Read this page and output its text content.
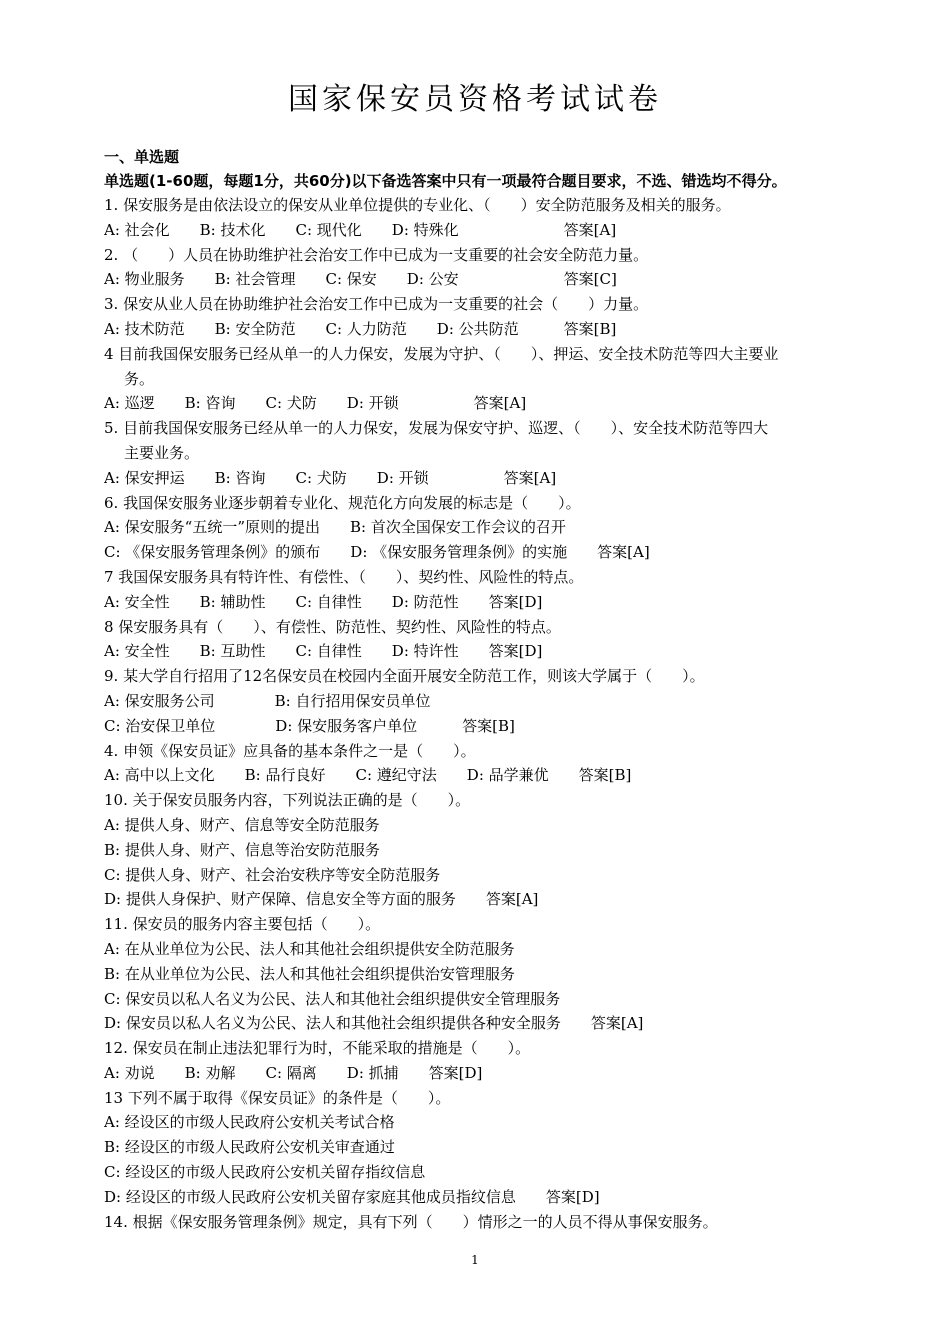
国家保安员资格考试试卷
一、单选题
单选题(1-60题，每题1分，共60分)以下备选答案中只有一项最符合题目要求，不选、错选均不得分。
1. 保安服务是由依法设立的保安从业单位提供的专业化、（　　）安全防范服务及相关的服务。
A: 社会化　　B: 技术化　　C: 现代化　　D: 特殊化　　　　　　　答案[A]
2. （　　）人员在协助维护社会治安工作中已成为一支重要的社会安全防范力量。
A: 物业服务　　B: 社会管理　　C: 保安　　D: 公安　　　　　　　答案[C]
3. 保安从业人员在协助维护社会治安工作中已成为一支重要的社会（　　）力量。
A: 技术防范　　B: 安全防范　　C: 人力防范　　D: 公共防范　　　答案[B]
4 目前我国保安服务已经从单一的人力保安，发展为守护、（　　）、押运、安全技术防范等四大主要业
务。
A: 巡逻　　B: 咨询　　C: 犬防　　D: 开锁　　　　　答案[A]
5. 目前我国保安服务已经从单一的人力保安，发展为保安守护、巡逻、（　　）、安全技术防范等四大
主要业务。
A: 保安押运　　B: 咨询　　C: 犬防　　D: 开锁　　　　　答案[A]
6. 我国保安服务业逐步朝着专业化、规范化方向发展的标志是（　　）。
A: 保安服务“五统一”原则的提出　　B: 首次全国保安工作会议的召开
C: 《保安服务管理条例》的颁布　　D: 《保安服务管理条例》的实施　　答案[A]
7 我国保安服务具有特许性、有偿性、（　　）、契约性、风险性的特点。
A: 安全性　　B: 辅助性　　C: 自律性　　D: 防范性　　答案[D]
8 保安服务具有（　　）、有偿性、防范性、契约性、风险性的特点。
A: 安全性　　B: 互助性　　C: 自律性　　D: 特许性　　答案[D]
9. 某大学自行招用了12名保安员在校园内全面开展安全防范工作，则该大学属于（　　）。
A: 保安服务公司　　　　B: 自行招用保安员单位
C: 治安保卫单位　　　　D: 保安服务客户单位　　　答案[B]
4. 申领《保安员证》应具备的基本条件之一是（　　）。
A: 高中以上文化　　B: 品行良好　　C: 遵纪守法　　D: 品学兼优　　答案[B]
10. 关于保安员服务内容，下列说法正确的是（　　）。
A: 提供人身、财产、信息等安全防范服务
B: 提供人身、财产、信息等治安防范服务
C: 提供人身、财产、社会治安秩序等安全防范服务
D: 提供人身保护、财产保障、信息安全等方面的服务　　答案[A]
11. 保安员的服务内容主要包括（　　）。
A: 在从业单位为公民、法人和其他社会组织提供安全防范服务
B: 在从业单位为公民、法人和其他社会组织提供治安管理服务
C: 保安员以私人名义为公民、法人和其他社会组织提供安全管理服务
D: 保安员以私人名义为公民、法人和其他社会组织提供各种安全服务　　答案[A]
12. 保安员在制止违法犯罪行为时，不能采取的措施是（　　）。
A: 劝说　　B: 劝解　　C: 隔离　　D: 抓捕　　答案[D]
13 下列不属于取得《保安员证》的条件是（　　）。
A: 经设区的市级人民政府公安机关考试合格
B: 经设区的市级人民政府公安机关审查通过
C: 经设区的市级人民政府公安机关留存指纹信息
D: 经设区的市级人民政府公安机关留存家庭其他成员指纹信息　　答案[D]
14. 根据《保安服务管理条例》规定，具有下列（　　）情形之一的人员不得从事保安服务。
1
